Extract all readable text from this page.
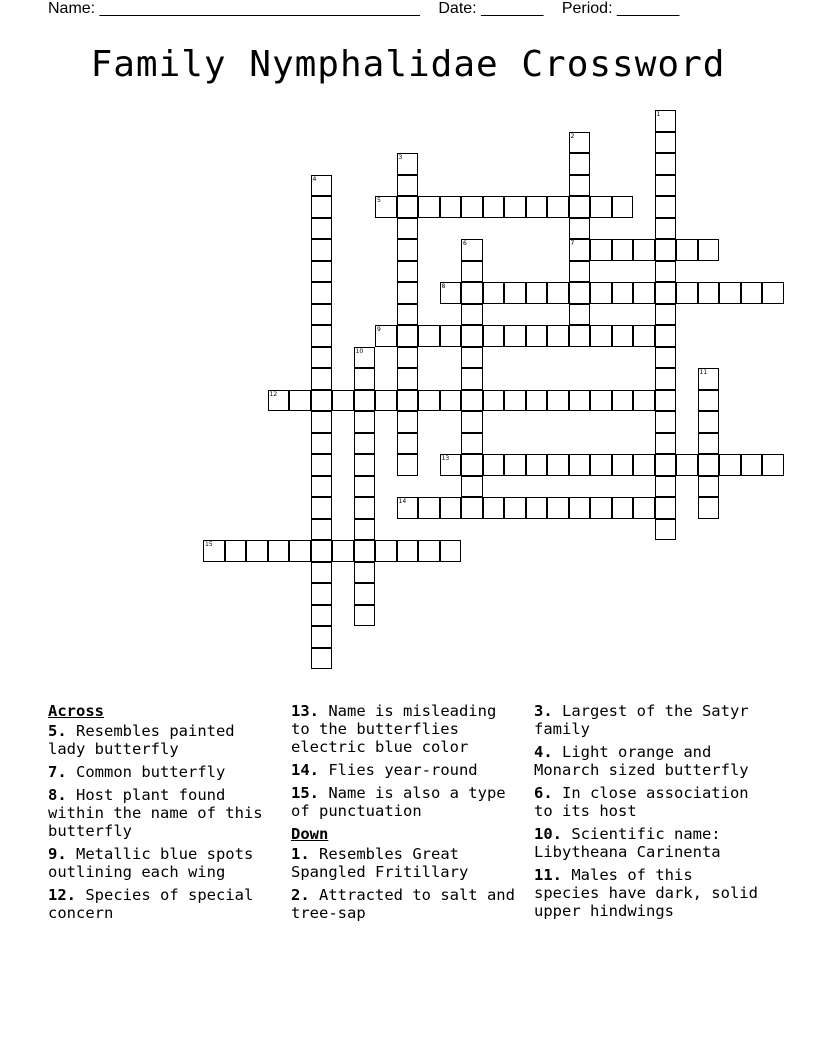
Name: ____________________________________ Date: _______ Period: _______
Family Nymphalidae Crossword
1
2
7
3
4
5
6
8
9
10
11
12
13
14
15
Across
5. Resembles painted lady butterfly
7. Common butterfly
8. Host plant found within the name of this butterfly
9. Metallic blue spots outlining each wing
12. Species of special concern
13. Name is misleading to the butterflies electric blue color
14. Flies year-round
15. Name is also a type of punctuation
Down
1. Resembles Great Spangled Fritillary
2. Attracted to salt and tree-sap
3. Largest of the Satyr family
4. Light orange and Monarch sized butterfly
6. In close association to its host
10. Scientific name: Libytheana Carinenta
11. Males of this species have dark, solid upper hindwings
